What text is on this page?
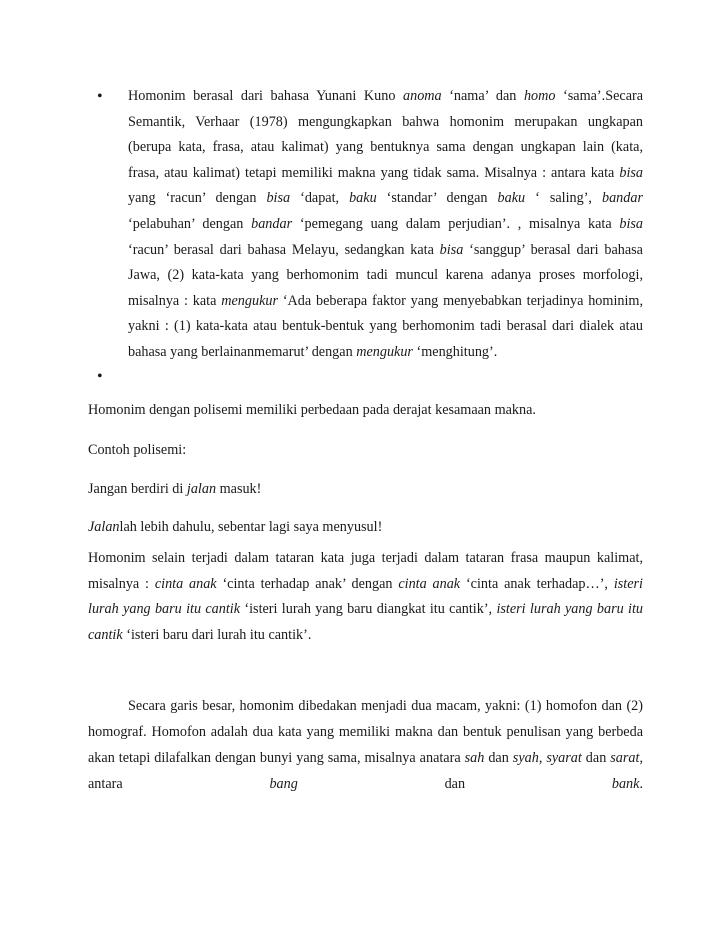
• Homonim berasal dari bahasa Yunani Kuno anoma ‘nama’ dan homo ‘sama’.Secara
Semantik, Verhaar (1978) mengungkapkan bahwa homonim merupakan ungkapan
(berupa kata, frasa, atau kalimat) yang bentuknya sama dengan ungkapan lain (kata,
frasa, atau kalimat) tetapi memiliki makna yang tidak sama. Misalnya : antara kata bisa
yang ‘racun’ dengan bisa ‘dapat, baku ‘standar’ dengan baku ‘ saling’, bandar
‘pelabuhan’ dengan bandar ‘pemegang uang dalam perjudian’. , misalnya kata bisa
‘racun’ berasal dari bahasa Melayu, sedangkan kata bisa ‘sanggup’ berasal dari bahasa
Jawa, (2) kata-kata yang berhomonim tadi muncul karena adanya proses morfologi,
misalnya : kata mengukur ‘Ada beberapa faktor yang menyebabkan terjadinya hominim,
yakni : (1) kata-kata atau bentuk-bentuk yang berhomonim tadi berasal dari dialek atau
bahasa yang berlainanmemarut’ dengan mengukur ‘menghitung’.
•
Homonim dengan polisemi memiliki perbedaan pada derajat kesamaan makna.
Contoh polisemi:
Jangan berdiri di jalan masuk!
Jalanlah lebih dahulu, sebentar lagi saya menyusul!
Homonim selain terjadi dalam tataran kata juga terjadi dalam tataran frasa maupun kalimat,
misalnya : cinta anak ‘cinta terhadap anak’ dengan cinta anak ‘cinta anak terhadap…’, isteri
lurah yang baru itu cantik ‘isteri lurah yang baru diangkat itu cantik’, isteri lurah yang baru itu
cantik ‘isteri baru dari lurah itu cantik’.
Secara garis besar, homonim dibedakan menjadi dua macam, yakni: (1) homofon dan (2)
homograf. Homofon adalah dua kata yang memiliki makna dan bentuk penulisan yang berbeda
akan tetapi dilafalkan dengan bunyi yang sama, misalnya anatara sah dan syah, syarat dan sarat,
antara bang dan bank.
